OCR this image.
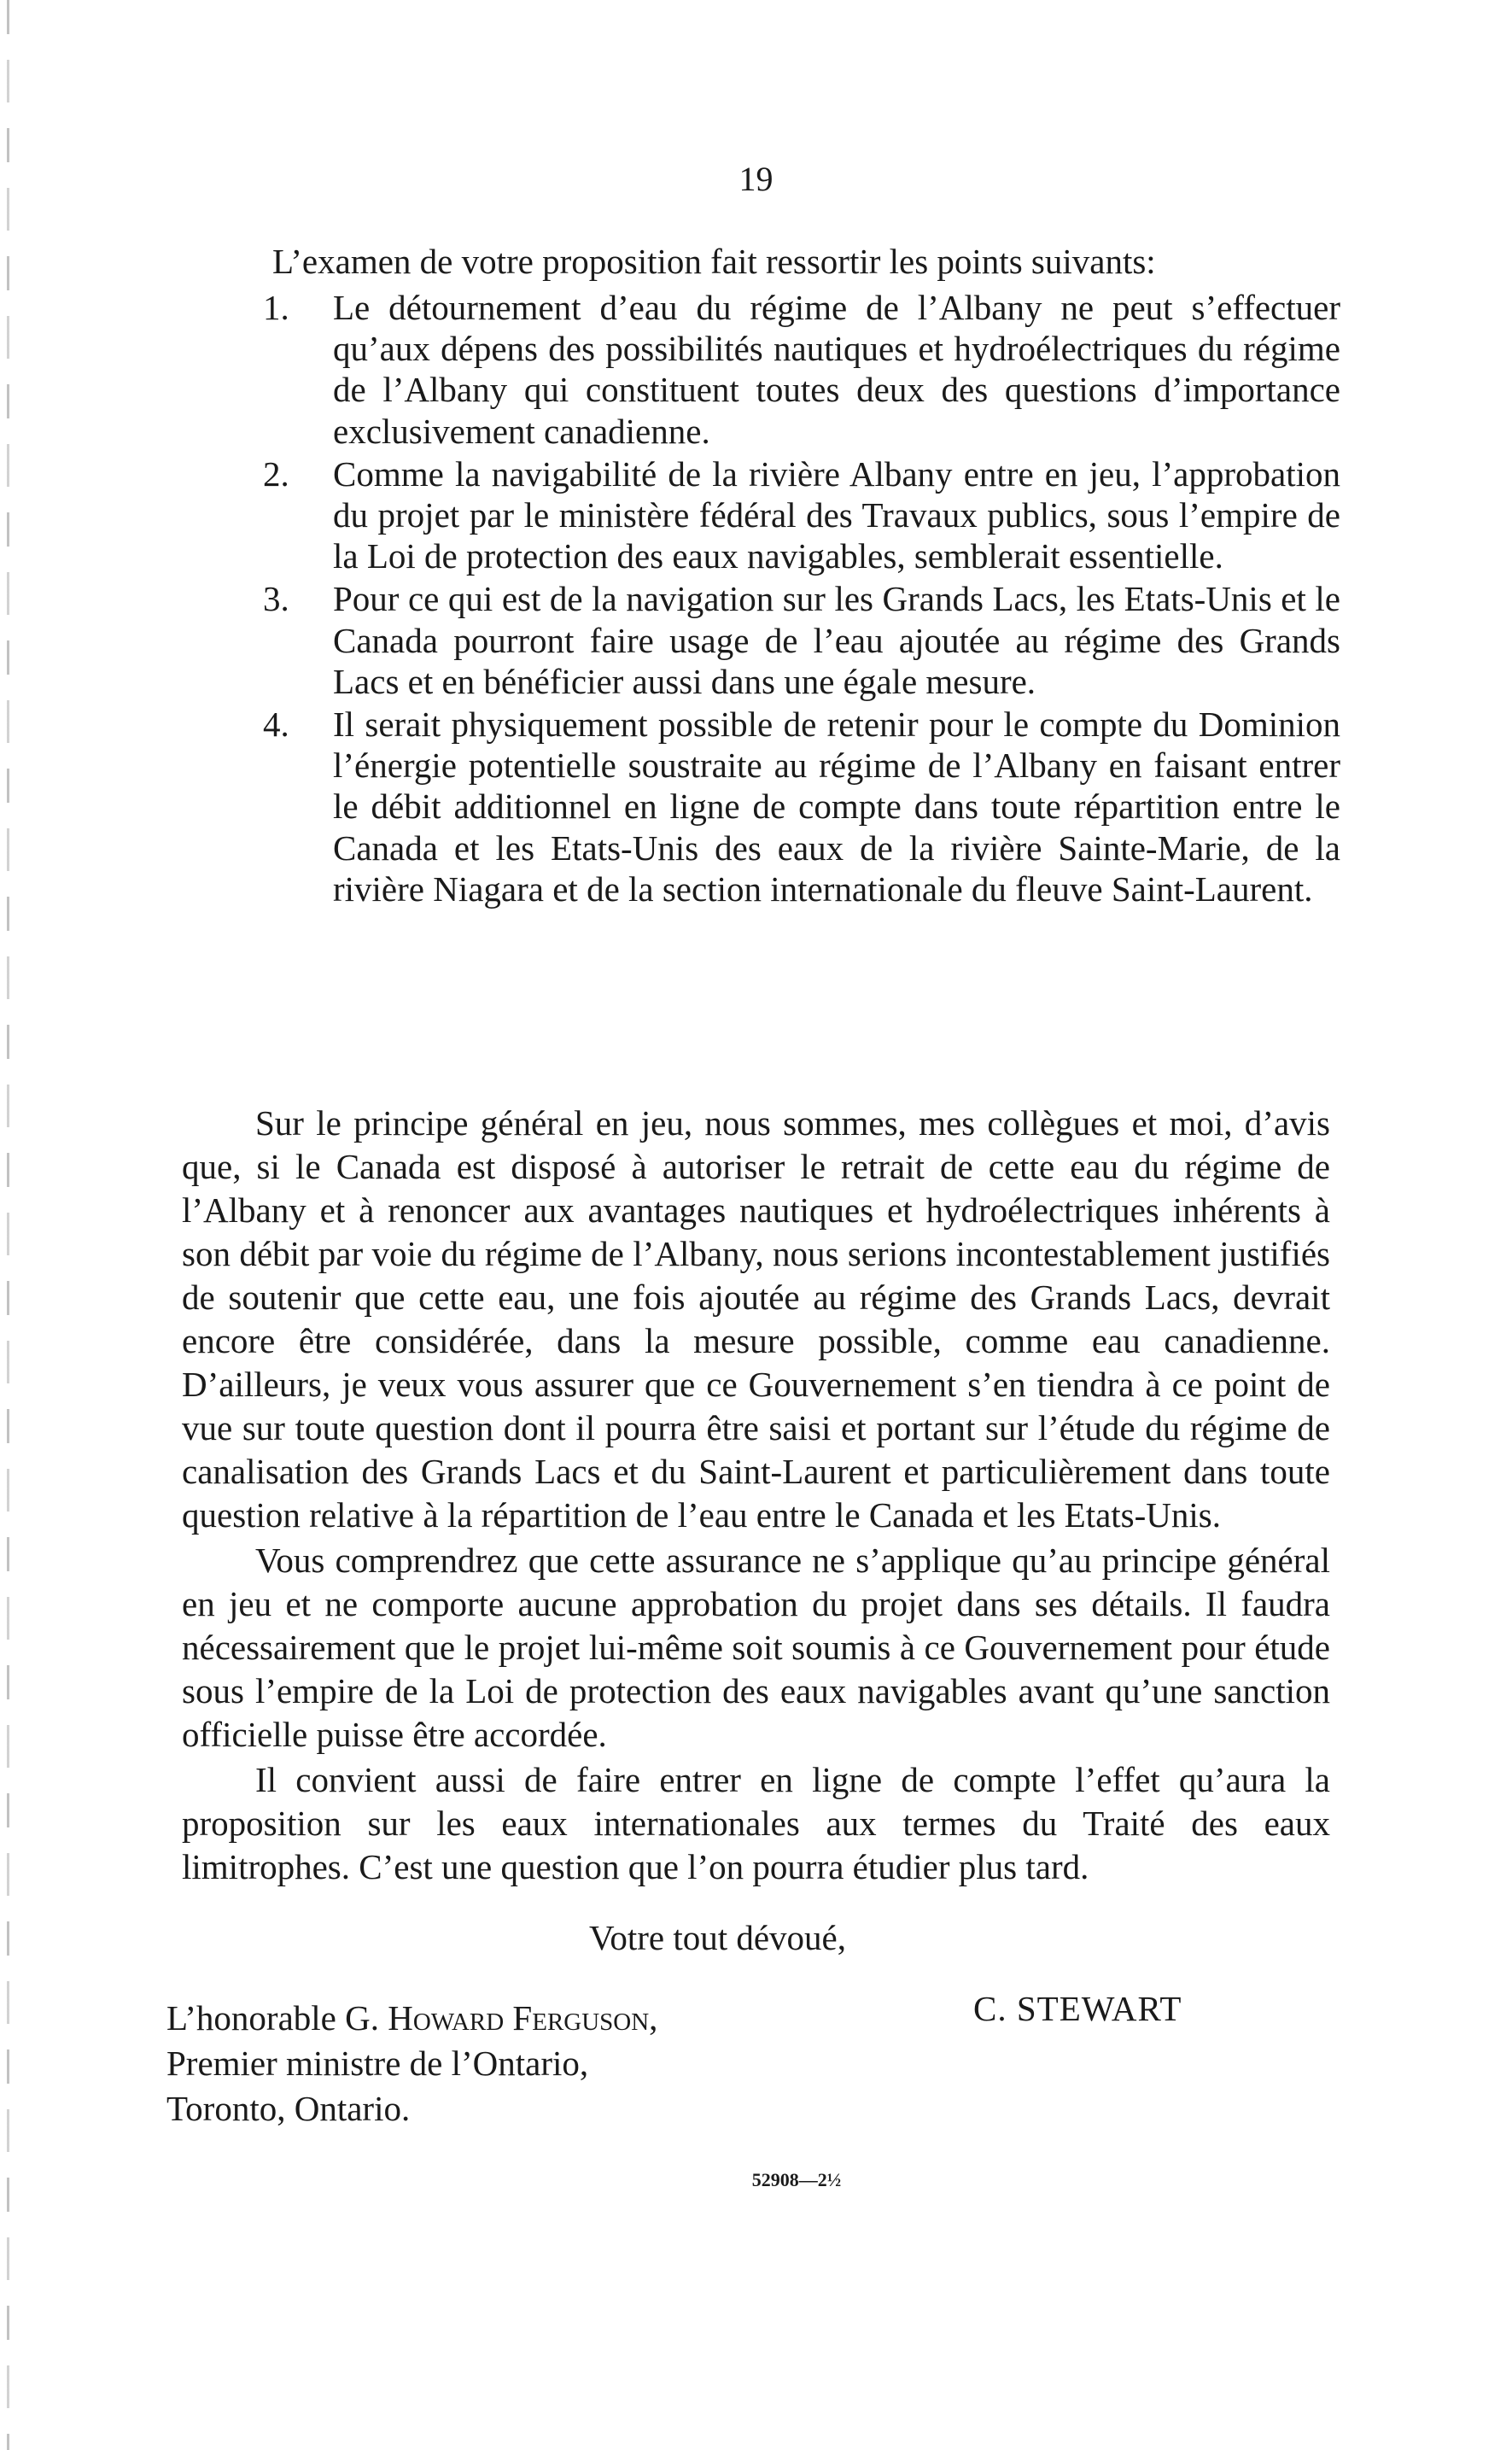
19

L’examen de votre proposition fait ressortir les points suivants:

1. Le détournement d’eau du régime de l’Albany ne peut s’effectuer qu’aux dépens des possibilités nautiques et hydroélectriques du régime de l’Albany qui constituent toutes deux des questions d’importance exclusivement canadienne.
2. Comme la navigabilité de la rivière Albany entre en jeu, l’approbation du projet par le ministère fédéral des Travaux publics, sous l’empire de la Loi de protection des eaux navigables, semblerait essentielle.
3. Pour ce qui est de la navigation sur les Grands Lacs, les Etats-Unis et le Canada pourront faire usage de l’eau ajoutée au régime des Grands Lacs et en bénéficier aussi dans une égale mesure.
4. Il serait physiquement possible de retenir pour le compte du Dominion l’énergie potentielle soustraite au régime de l’Albany en faisant entrer le débit additionnel en ligne de compte dans toute répartition entre le Canada et les Etats-Unis des eaux de la rivière Sainte-Marie, de la rivière Niagara et de la section internationale du fleuve Saint-Laurent.

Sur le principe général en jeu, nous sommes, mes collègues et moi, d’avis que, si le Canada est disposé à autoriser le retrait de cette eau du régime de l’Albany et à renoncer aux avantages nautiques et hydroélectriques inhérents à son débit par voie du régime de l’Albany, nous serions incontestablement justifiés de soutenir que cette eau, une fois ajoutée au régime des Grands Lacs, devrait encore être considérée, dans la mesure possible, comme eau canadienne. D’ailleurs, je veux vous assurer que ce Gouvernement s’en tiendra à ce point de vue sur toute question dont il pourra être saisi et portant sur l’étude du régime de canalisation des Grands Lacs et du Saint-Laurent et particulièrement dans toute question relative à la répartition de l’eau entre le Canada et les Etats-Unis.

Vous comprendrez que cette assurance ne s’applique qu’au principe général en jeu et ne comporte aucune approbation du projet dans ses détails. Il faudra nécessairement que le projet lui-même soit soumis à ce Gouvernement pour étude sous l’empire de la Loi de protection des eaux navigables avant qu’une sanction officielle puisse être accordée.

Il convient aussi de faire entrer en ligne de compte l’effet qu’aura la proposition sur les eaux internationales aux termes du Traité des eaux limitrophes. C’est une question que l’on pourra étudier plus tard.

Votre tout dévoué,
C. STEWART
L’honorable G. Howard Ferguson,
Premier ministre de l’Ontario,
Toronto, Ontario.
52908—2½
